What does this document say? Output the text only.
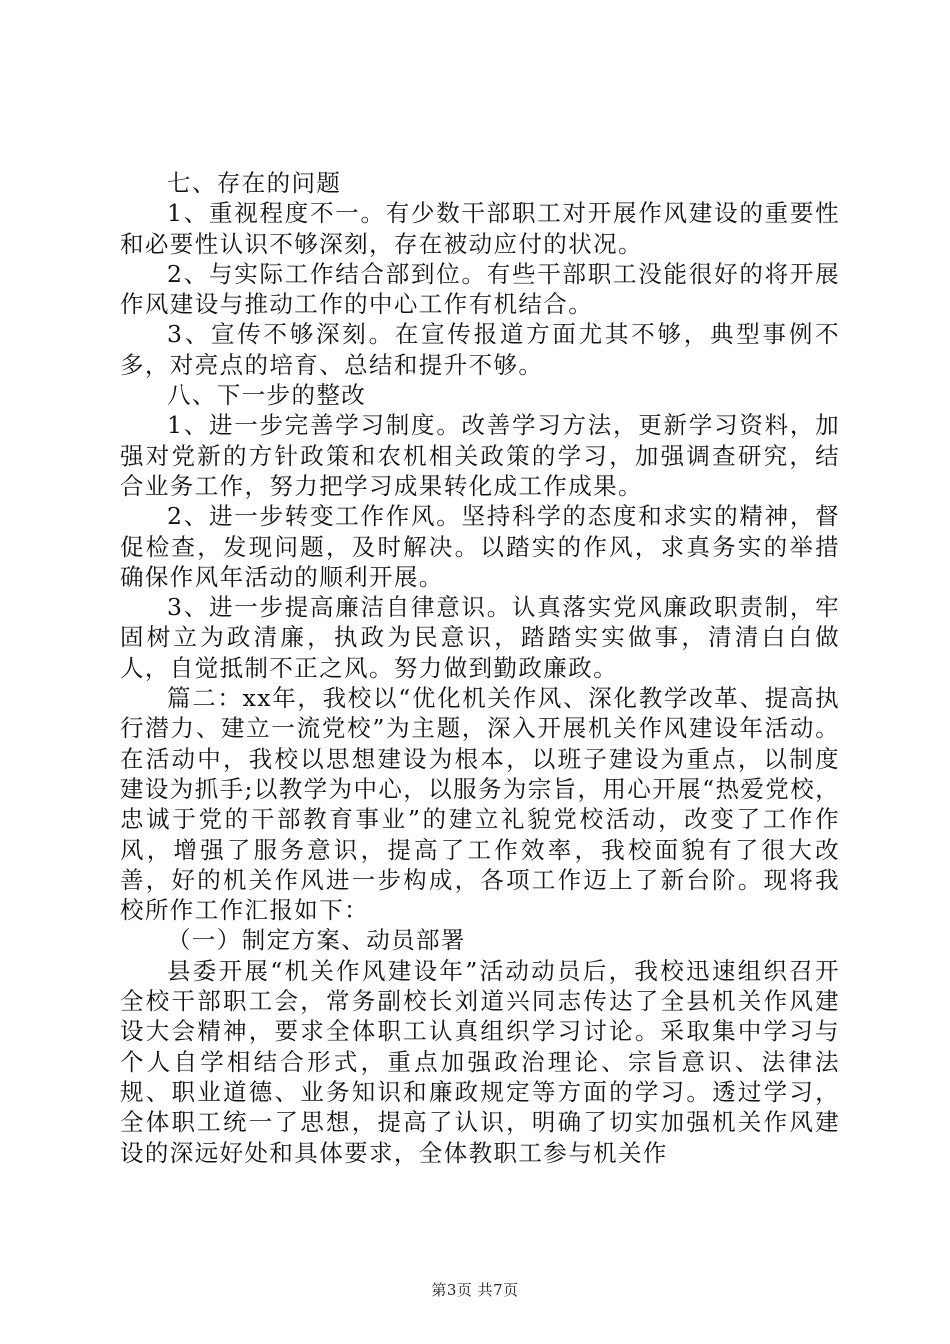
七、存在的问题

1、重视程度不一。有少数干部职工对开展作风建设的重要性和必要性认识不够深刻，存在被动应付的状况。

2、与实际工作结合部到位。有些干部职工没能很好的将开展作风建设与推动工作的中心工作有机结合。

3、宣传不够深刻。在宣传报道方面尤其不够，典型事例不多，对亮点的培育、总结和提升不够。

八、下一步的整改

1、进一步完善学习制度。改善学习方法，更新学习资料，加强对党新的方针政策和农机相关政策的学习，加强调查研究，结合业务工作，努力把学习成果转化成工作成果。

2、进一步转变工作作风。坚持科学的态度和求实的精神，督促检查，发现问题，及时解决。以踏实的作风，求真务实的举措确保作风年活动的顺利开展。

3、进一步提高廉洁自律意识。认真落实党风廉政职责制，牢固树立为政清廉，执政为民意识，踏踏实实做事，清清白白做人，自觉抵制不正之风。努力做到勤政廉政。

篇二：xx年，我校以“优化机关作风、深化教学改革、提高执行潜力、建立一流党校”为主题，深入开展机关作风建设年活动。在活动中，我校以思想建设为根本，以班子建设为重点，以制度建设为抓手;以教学为中心，以服务为宗旨，用心开展“热爱党校，忠诚于党的干部教育事业”的建立礼貌党校活动，改变了工作作风，增强了服务意识，提高了工作效率，我校面貌有了很大改善，好的机关作风进一步构成，各项工作迈上了新台阶。现将我校所作工作汇报如下：

（一）制定方案、动员部署

县委开展“机关作风建设年”活动动员后，我校迅速组织召开全校干部职工会，常务副校长刘道兴同志传达了全县机关作风建设大会精神，要求全体职工认真组织学习讨论。采取集中学习与个人自学相结合形式，重点加强政治理论、宗旨意识、法律法规、职业道德、业务知识和廉政规定等方面的学习。透过学习，全体职工统一了思想，提高了认识，明确了切实加强机关作风建设的深远好处和具体要求，全体教职工参与机关作

第3页 共7页
